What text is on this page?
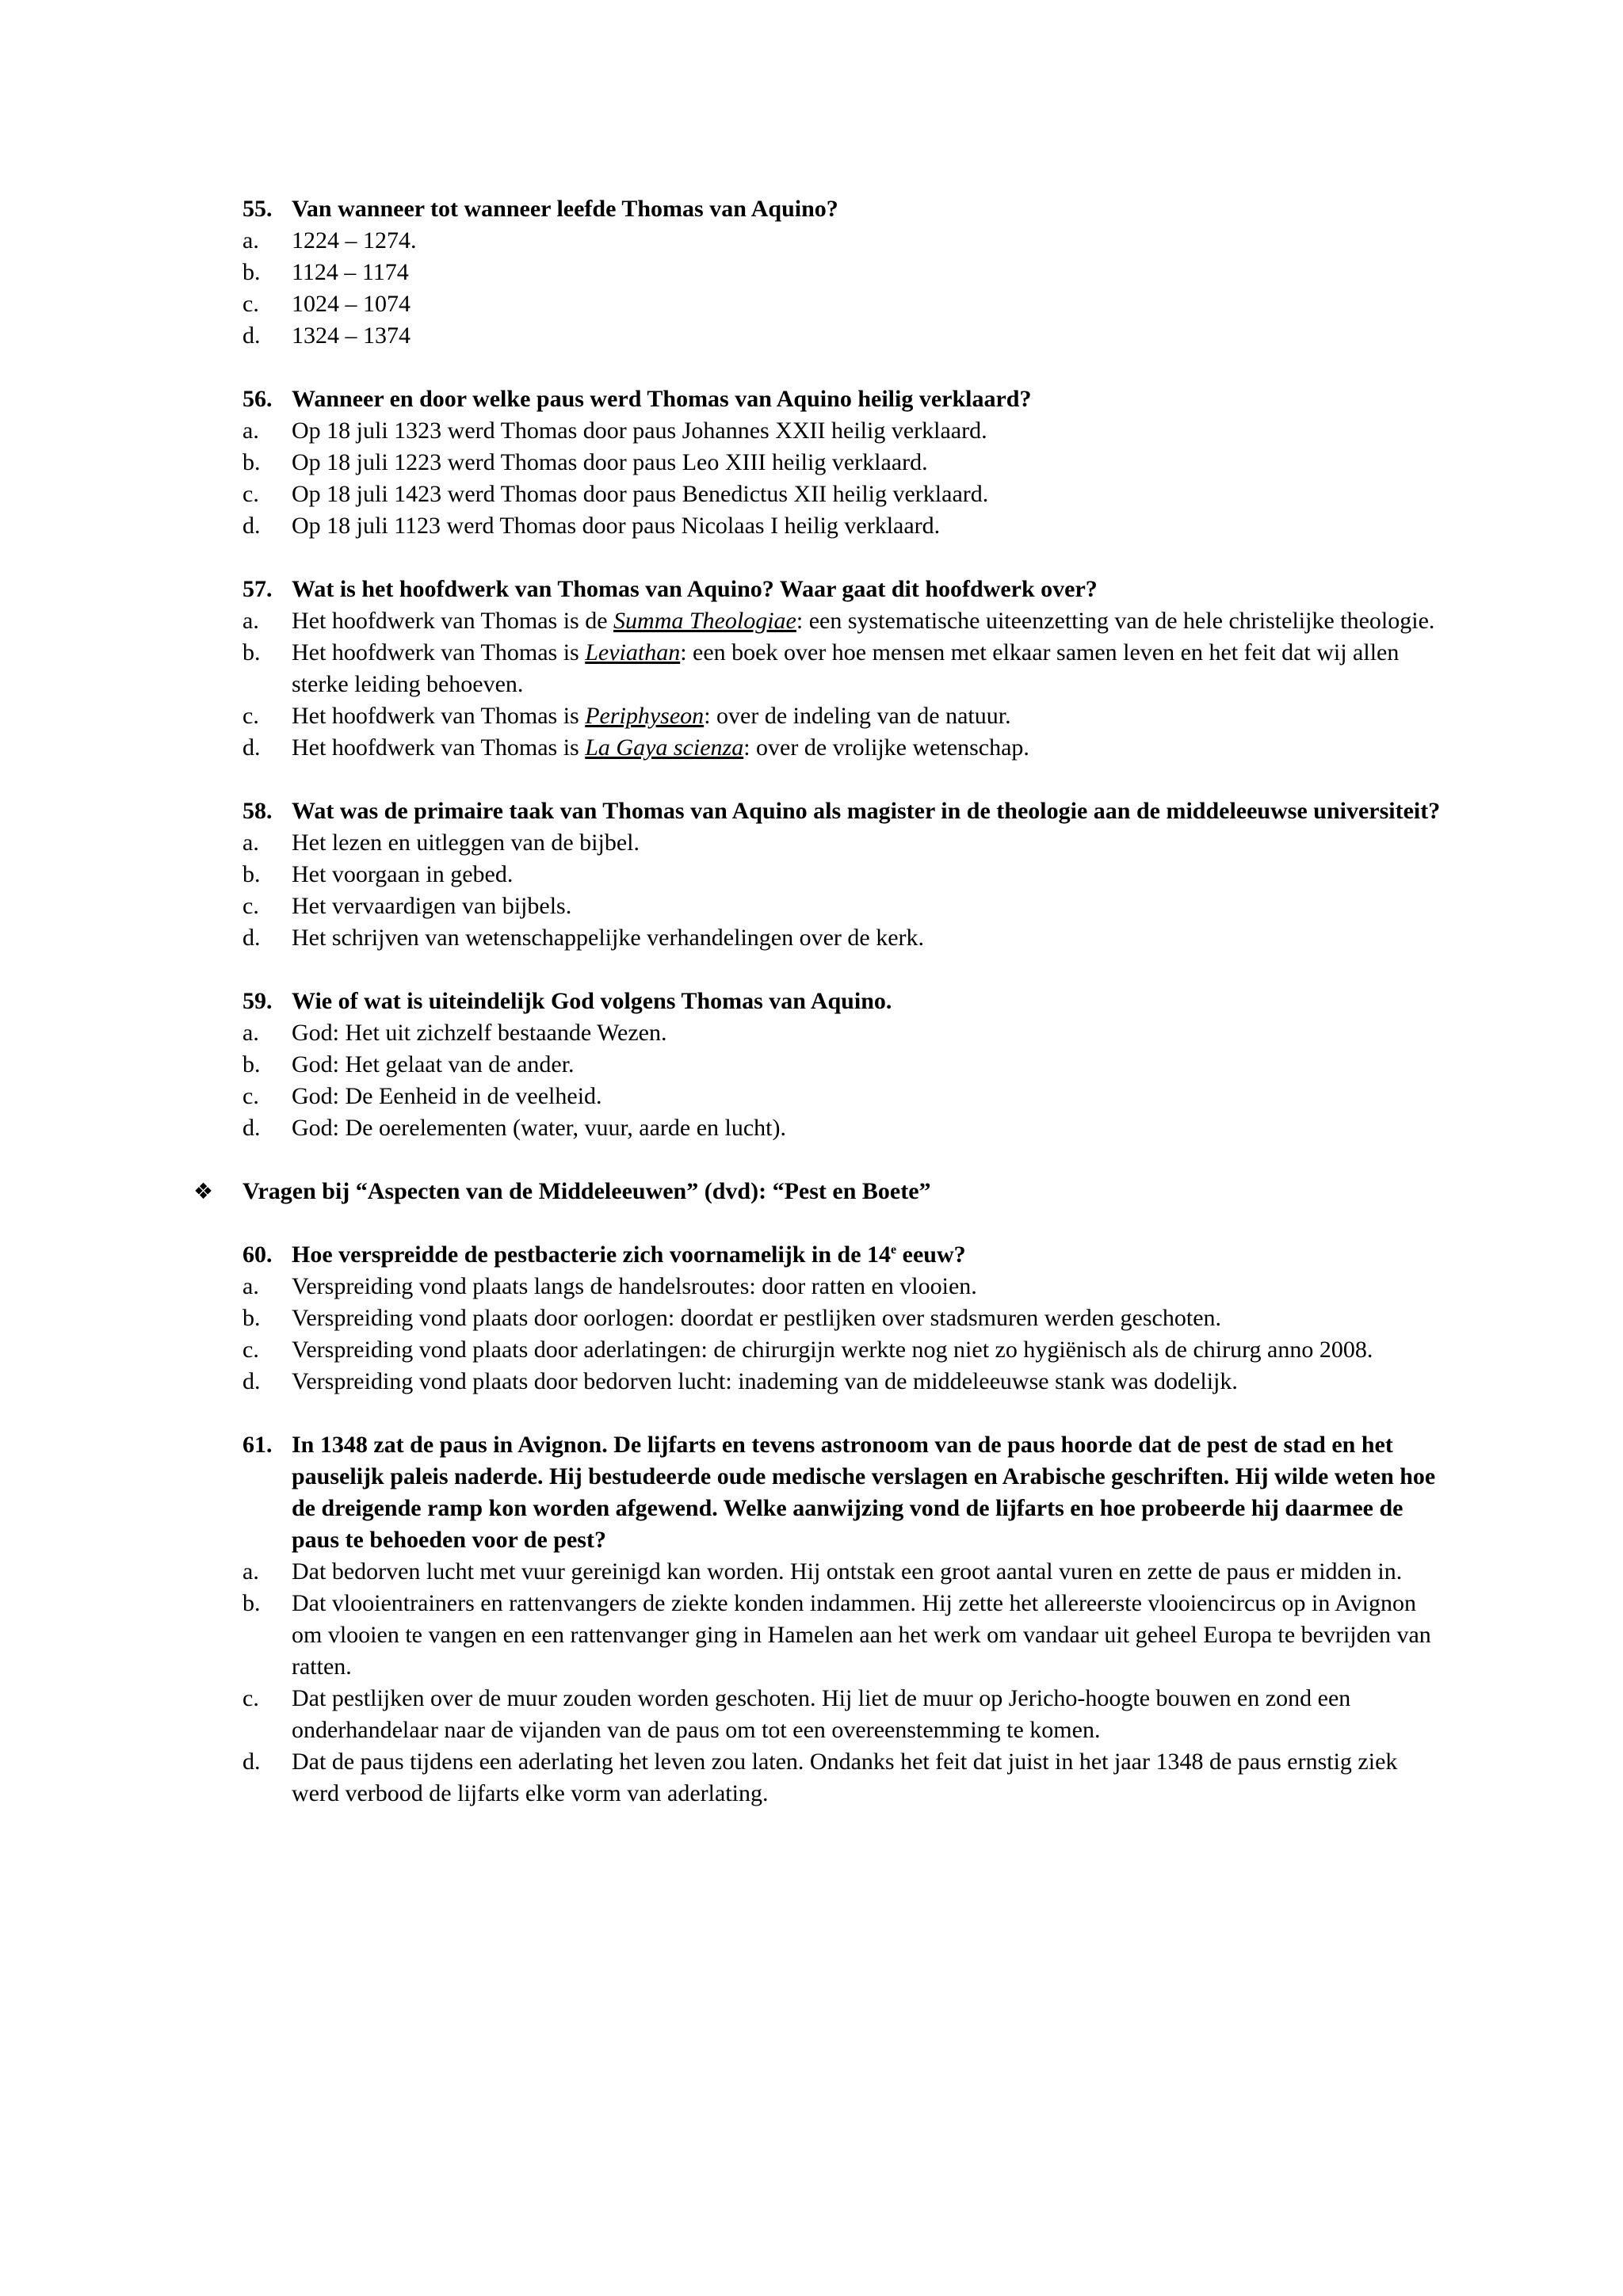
55. Van wanneer tot wanneer leefde Thomas van Aquino?
a.	1224 – 1274.
b.	1124 – 1174
c.	1024 – 1074
d.	1324 – 1374
56. Wanneer en door welke paus werd Thomas van Aquino heilig verklaard?
a.	Op 18 juli 1323 werd Thomas door paus Johannes XXII heilig verklaard.
b.	Op 18 juli 1223 werd Thomas door paus Leo XIII heilig verklaard.
c.	Op 18 juli 1423 werd Thomas door paus Benedictus XII heilig verklaard.
d.	Op 18 juli 1123 werd Thomas door paus Nicolaas I heilig verklaard.
57. Wat is het hoofdwerk van Thomas van Aquino? Waar gaat dit hoofdwerk over?
a.	Het hoofdwerk van Thomas is de Summa Theologiae: een systematische uiteenzetting van de hele christelijke theologie.
b.	Het hoofdwerk van Thomas is Leviathan: een boek over hoe mensen met elkaar samen leven en het feit dat wij allen sterke leiding behoeven.
c.	Het hoofdwerk van Thomas is Periphyseon: over de indeling van de natuur.
d.	Het hoofdwerk van Thomas is La Gaya scienza: over de vrolijke wetenschap.
58. Wat was de primaire taak van Thomas van Aquino als magister in de theologie aan de middeleeuwse universiteit?
a.	Het lezen en uitleggen van de bijbel.
b.	Het voorgaan in gebed.
c.	Het vervaardigen van bijbels.
d.	Het schrijven van wetenschappelijke verhandelingen over de kerk.
59. Wie of wat is uiteindelijk God volgens Thomas van Aquino.
a.	God: Het uit zichzelf bestaande Wezen.
b.	God: Het gelaat van de ander.
c.	God: De Eenheid in de veelheid.
d.	God: De oerelementen (water, vuur, aarde en lucht).
❖	Vragen bij “Aspecten van de Middeleeuwen” (dvd): “Pest en Boete”
60. Hoe verspreidde de pestbacterie zich voornamelijk in de 14e eeuw?
a.	Verspreiding vond plaats langs de handelsroutes: door ratten en vlooien.
b.	Verspreiding vond plaats door oorlogen: doordat er pestlijken over stadsmuren werden geschoten.
c.	Verspreiding vond plaats door aderlatingen: de chirurgijn werkte nog niet zo hygiënisch als de chirurg anno 2008.
d.	Verspreiding vond plaats door bedorven lucht: inademing van de middeleeuwse stank was dodelijk.
61. In 1348 zat de paus in Avignon. De lijfarts en tevens astronoom van de paus hoorde dat de pest de stad en het pauselijk paleis naderde. Hij bestudeerde oude medische verslagen en Arabische geschriften. Hij wilde weten hoe de dreigende ramp kon worden afgewend. Welke aanwijzing vond de lijfarts en hoe probeerde hij daarmee de paus te behoeden voor de pest?
a.	Dat bedorven lucht met vuur gereinigd kan worden. Hij ontstak een groot aantal vuren en zette de paus er midden in.
b.	Dat vlooientrainers en rattenvangers de ziekte konden indammen. Hij zette het allereerste vlooiencircus op in Avignon om vlooien te vangen en een rattenvanger ging in Hamelen aan het werk om vandaar uit geheel Europa te bevrijden van ratten.
c.	Dat pestlijken over de muur zouden worden geschoten. Hij liet de muur op Jericho-hoogte bouwen en zond een onderhandelaar naar de vijanden van de paus om tot een overeenstemming te komen.
d.	Dat de paus tijdens een aderlating het leven zou laten. Ondanks het feit dat juist in het jaar 1348 de paus ernstig ziek werd verbood de lijfarts elke vorm van aderlating.
